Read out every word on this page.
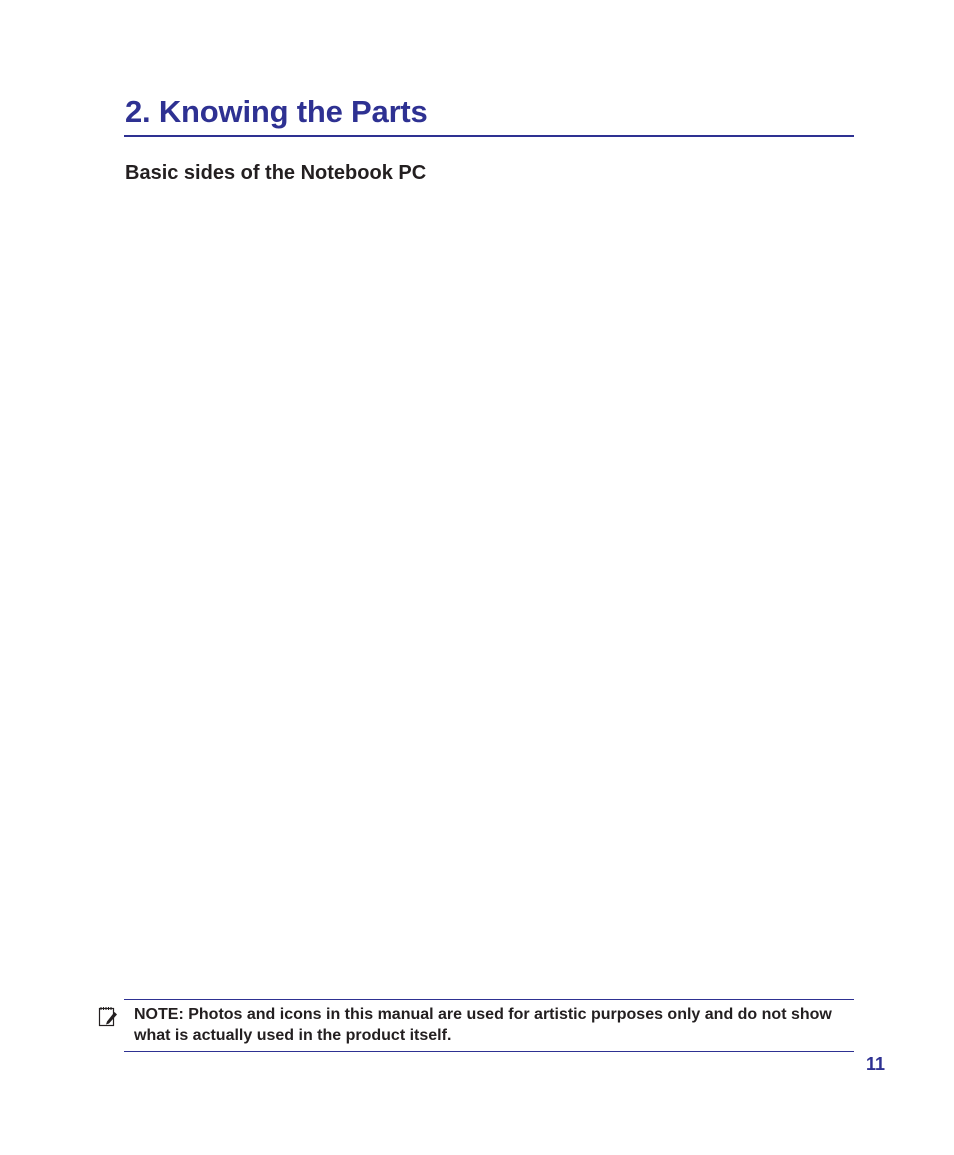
2. Knowing the Parts
Basic sides of the Notebook PC

NOTE: Photos and icons in this manual are used for artistic purposes only and do not show what is actually used in the product itself.

11
